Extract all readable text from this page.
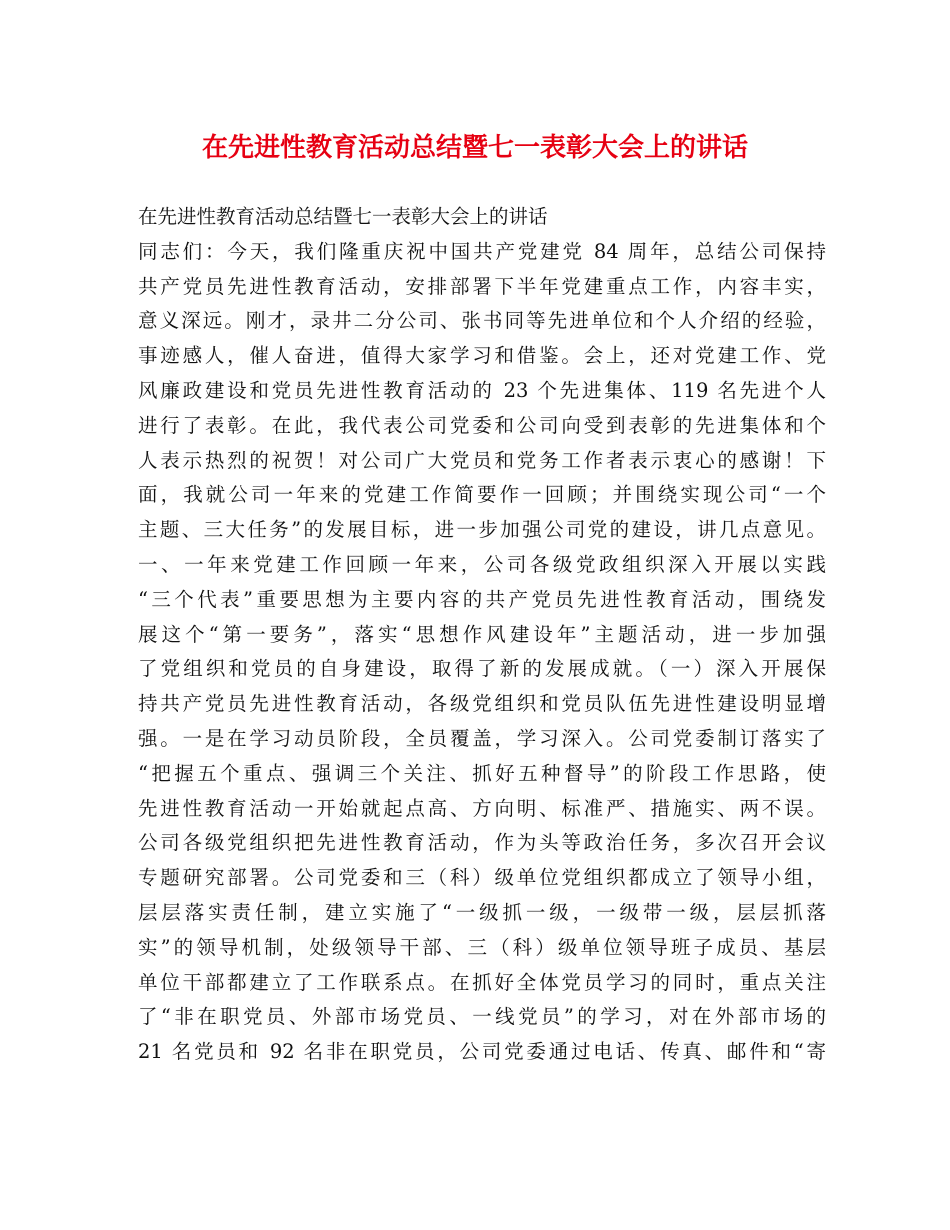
在先进性教育活动总结暨七一表彰大会上的讲话
在先进性教育活动总结暨七一表彰大会上的讲话
同志们：今天，我们隆重庆祝中国共产党建党 84 周年，总结公司保持
共产党员先进性教育活动，安排部署下半年党建重点工作，内容丰实，
意义深远。刚才，录井二分公司、张书同等先进单位和个人介绍的经验，
事迹感人，催人奋进，值得大家学习和借鉴。会上，还对党建工作、党
风廉政建设和党员先进性教育活动的 23 个先进集体、119 名先进个人
进行了表彰。在此，我代表公司党委和公司向受到表彰的先进集体和个
人表示热烈的祝贺！对公司广大党员和党务工作者表示衷心的感谢！下
面，我就公司一年来的党建工作简要作一回顾；并围绕实现公司“一个
主题、三大任务”的发展目标，进一步加强公司党的建设，讲几点意见。
一、一年来党建工作回顾一年来，公司各级党政组织深入开展以实践
“三个代表”重要思想为主要内容的共产党员先进性教育活动，围绕发
展这个“第一要务”，落实“思想作风建设年”主题活动，进一步加强
了党组织和党员的自身建设，取得了新的发展成就。（一）深入开展保
持共产党员先进性教育活动，各级党组织和党员队伍先进性建设明显增
强。一是在学习动员阶段，全员覆盖，学习深入。公司党委制订落实了
“把握五个重点、强调三个关注、抓好五种督导”的阶段工作思路，使
先进性教育活动一开始就起点高、方向明、标准严、措施实、两不误。
公司各级党组织把先进性教育活动，作为头等政治任务，多次召开会议
专题研究部署。公司党委和三（科）级单位党组织都成立了领导小组，
层层落实责任制，建立实施了“一级抓一级，一级带一级，层层抓落
实”的领导机制，处级领导干部、三（科）级单位领导班子成员、基层
单位干部都建立了工作联系点。在抓好全体党员学习的同时，重点关注
了“非在职党员、外部市场党员、一线党员”的学习，对在外部市场的
21 名党员和 92 名非在职党员，公司党委通过电话、传真、邮件和“寄
